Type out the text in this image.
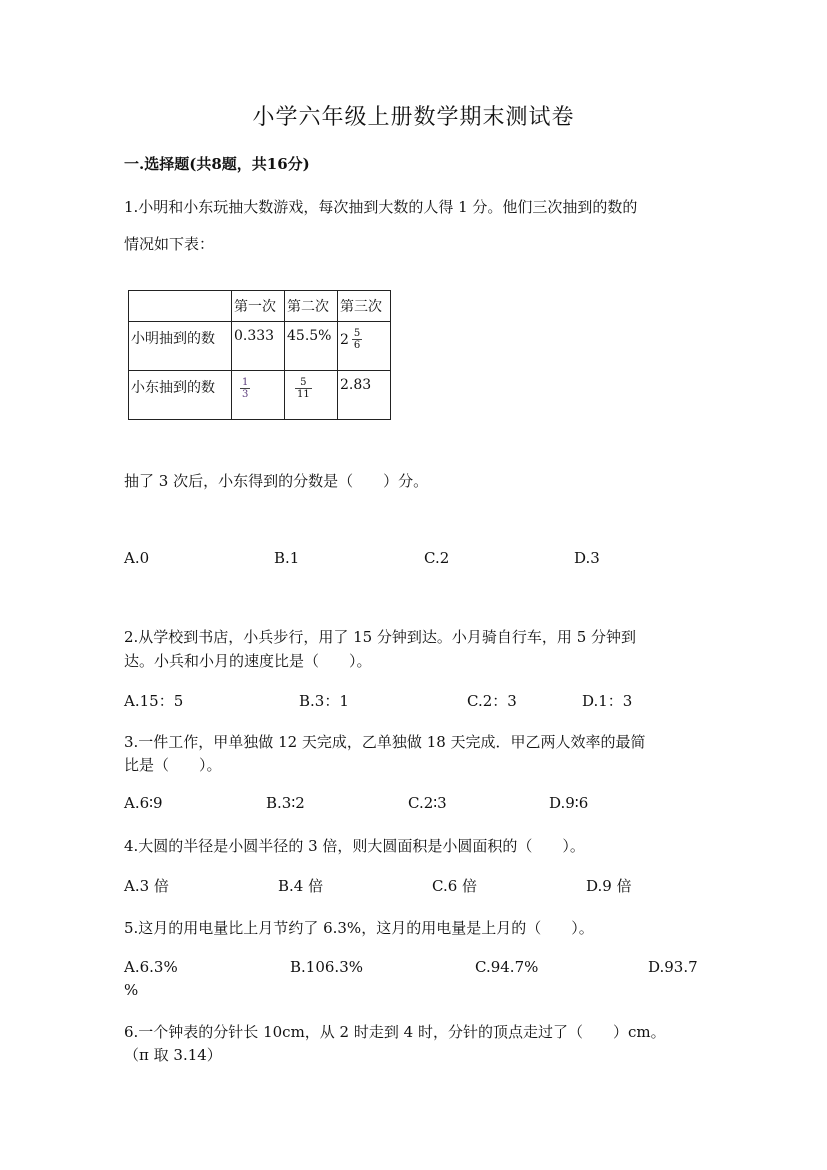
小学六年级上册数学期末测试卷
一.选择题(共8题，共16分)
1.小明和小东玩抽大数游戏，每次抽到大数的人得 1 分。他们三次抽到的数的
情况如下表：
	第一次	第二次	第三次
小明抽到的数	0.333	45.5%	$2 \frac{5}{6}$

小东抽到的数	$\frac{1}{3}$	$\frac{5}{11}$	2.83
抽了 3 次后，小东得到的分数是（　　）分。
A.0	B.1	C.2	D.3
2.从学校到书店，小兵步行，用了 15 分钟到达。小月骑自行车，用 5 分钟到
达。小兵和小月的速度比是（　　）。
A.15：5	B.3：1	C.2：3	D.1：3
3.一件工作，甲单独做 12 天完成，乙单独做 18 天完成．甲乙两人效率的最简
比是（　　）。
A.6∶9	B.3∶2	C.2∶3	D.9∶6
4.大圆的半径是小圆半径的 3 倍，则大圆面积是小圆面积的（　　）。
A.3 倍	B.4 倍	C.6 倍	D.9 倍
5.这月的用电量比上月节约了 6.3%，这月的用电量是上月的（　　）。
A.6.3%	B.106.3%	C.94.7%	D.93.7
%
6.一个钟表的分针长 10cm，从 2 时走到 4 时，分针的顶点走过了（　　）cm。
（π 取 3.14）
